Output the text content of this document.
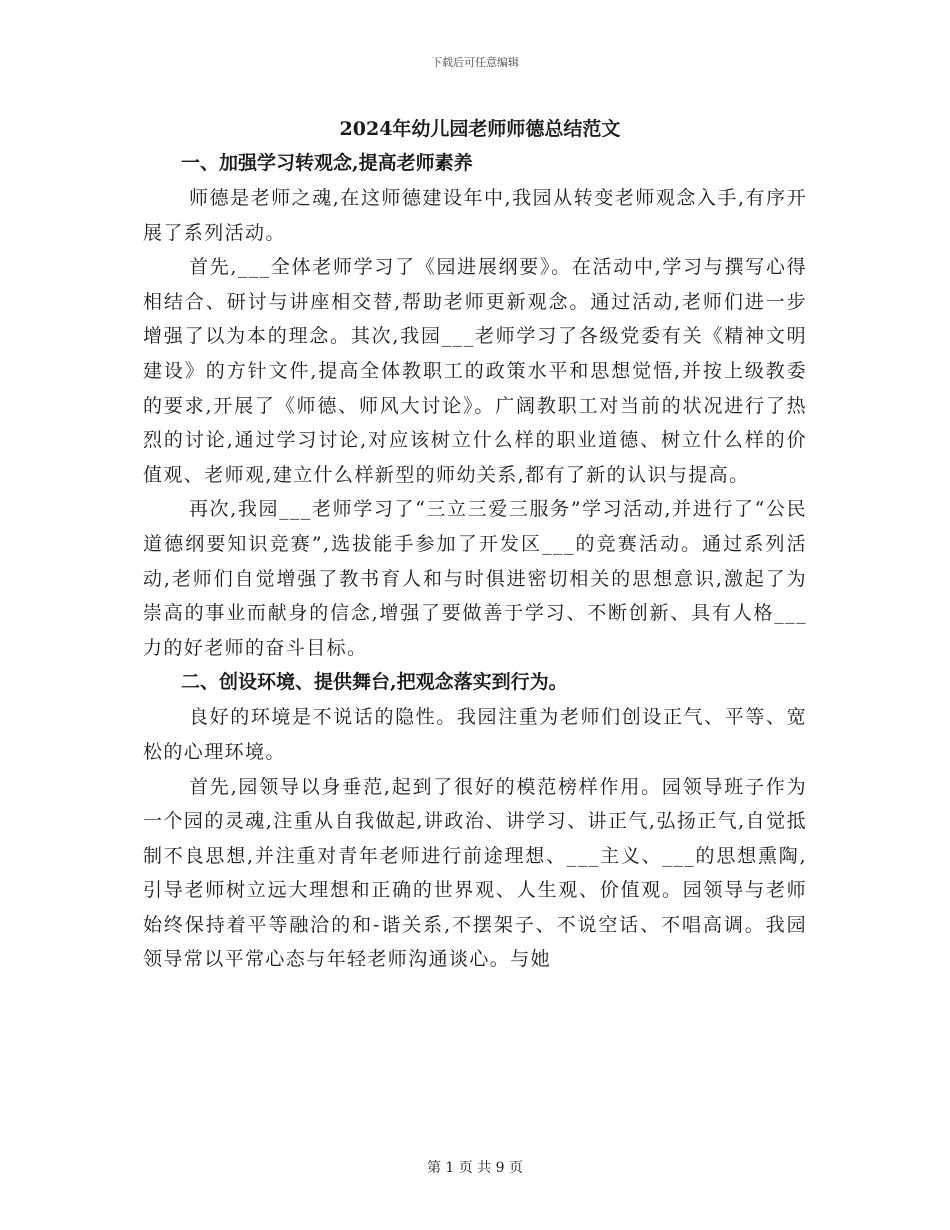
下载后可任意编辑

2024年幼儿园老师师德总结范文

一、加强学习转观念,提高老师素养

师德是老师之魂,在这师德建设年中,我园从转变老师观念入手,有序开展了系列活动。

首先,___全体老师学习了《园进展纲要》。在活动中,学习与撰写心得相结合、研讨与讲座相交替,帮助老师更新观念。通过活动,老师们进一步增强了以为本的理念。其次,我园___老师学习了各级党委有关《精神文明建设》的方针文件,提高全体教职工的政策水平和思想觉悟,并按上级教委的要求,开展了《师德、师风大讨论》。广阔教职工对当前的状况进行了热烈的讨论,通过学习讨论,对应该树立什么样的职业道德、树立什么样的价值观、老师观,建立什么样新型的师幼关系,都有了新的认识与提高。

再次,我园___老师学习了“三立三爱三服务”学习活动,并进行了“公民道德纲要知识竞赛”,选拔能手参加了开发区___的竞赛活动。通过系列活动,老师们自觉增强了教书育人和与时俱进密切相关的思想意识,激起了为崇高的事业而献身的信念,增强了要做善于学习、不断创新、具有人格___力的好老师的奋斗目标。

二、创设环境、提供舞台,把观念落实到行为。

良好的环境是不说话的隐性。我园注重为老师们创设正气、平等、宽松的心理环境。

首先,园领导以身垂范,起到了很好的模范榜样作用。园领导班子作为一个园的灵魂,注重从自我做起,讲政治、讲学习、讲正气,弘扬正气,自觉抵制不良思想,并注重对青年老师进行前途理想、___主义、___的思想熏陶,引导老师树立远大理想和正确的世界观、人生观、价值观。园领导与老师始终保持着平等融洽的和-谐关系,不摆架子、不说空话、不唱高调。我园领导常以平常心态与年轻老师沟通谈心。与她

第 1 页 共 9 页
